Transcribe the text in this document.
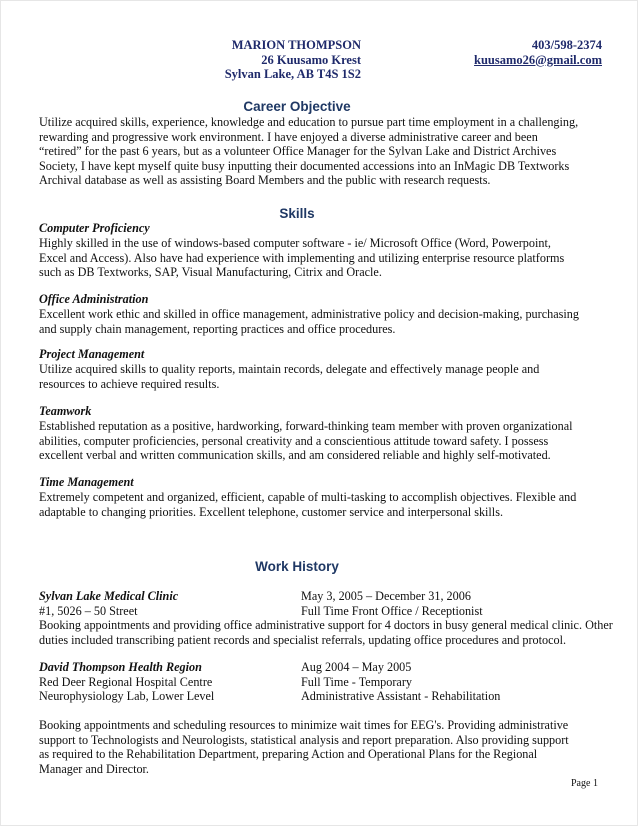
MARION THOMPSON
26 Kuusamo Krest
Sylvan Lake, AB T4S 1S2
403/598-2374
kuusamo26@gmail.com
Career Objective
Utilize acquired skills, experience, knowledge and education to pursue part time employment in a challenging,
rewarding and progressive work environment. I have enjoyed a diverse administrative career and been
“retired” for the past 6 years, but as a volunteer Office Manager for the Sylvan Lake and District Archives
Society, I have kept myself quite busy inputting their documented accessions into an InMagic DB Textworks
Archival database as well as assisting Board Members and the public with research requests.
Skills
Computer Proficiency
Highly skilled in the use of windows-based computer software - ie/ Microsoft Office (Word, Powerpoint,
Excel and Access). Also have had experience with implementing and utilizing enterprise resource platforms
such as DB Textworks, SAP, Visual Manufacturing, Citrix and Oracle.
Office Administration
Excellent work ethic and skilled in office management, administrative policy and decision-making, purchasing
and supply chain management, reporting practices and office procedures.
Project Management
Utilize acquired skills to quality reports, maintain records, delegate and effectively manage people and
resources to achieve required results.
Teamwork
Established reputation as a positive, hardworking, forward-thinking team member with proven organizational
abilities, computer proficiencies, personal creativity and a conscientious attitude toward safety. I possess
excellent verbal and written communication skills, and am considered reliable and highly self-motivated.
Time Management
Extremely competent and organized, efficient, capable of multi-tasking to accomplish objectives. Flexible and
adaptable to changing priorities. Excellent telephone, customer service and interpersonal skills.
Work History
Sylvan Lake Medical Clinic
#1, 5026 – 50 Street
May 3, 2005 – December 31, 2006
Full Time Front Office / Receptionist
Booking appointments and providing office administrative support for 4 doctors in busy general medical clinic. Other
duties included transcribing patient records and specialist referrals, updating office procedures and protocol.
David Thompson Health Region
Red Deer Regional Hospital Centre
Neurophysiology Lab, Lower Level
Aug 2004 – May 2005
Full Time - Temporary
Administrative Assistant - Rehabilitation
Booking appointments and scheduling resources to minimize wait times for EEG's. Providing administrative
support to Technologists and Neurologists, statistical analysis and report preparation. Also providing support
as required to the Rehabilitation Department, preparing Action and Operational Plans for the Regional
Manager and Director.
Page 1
